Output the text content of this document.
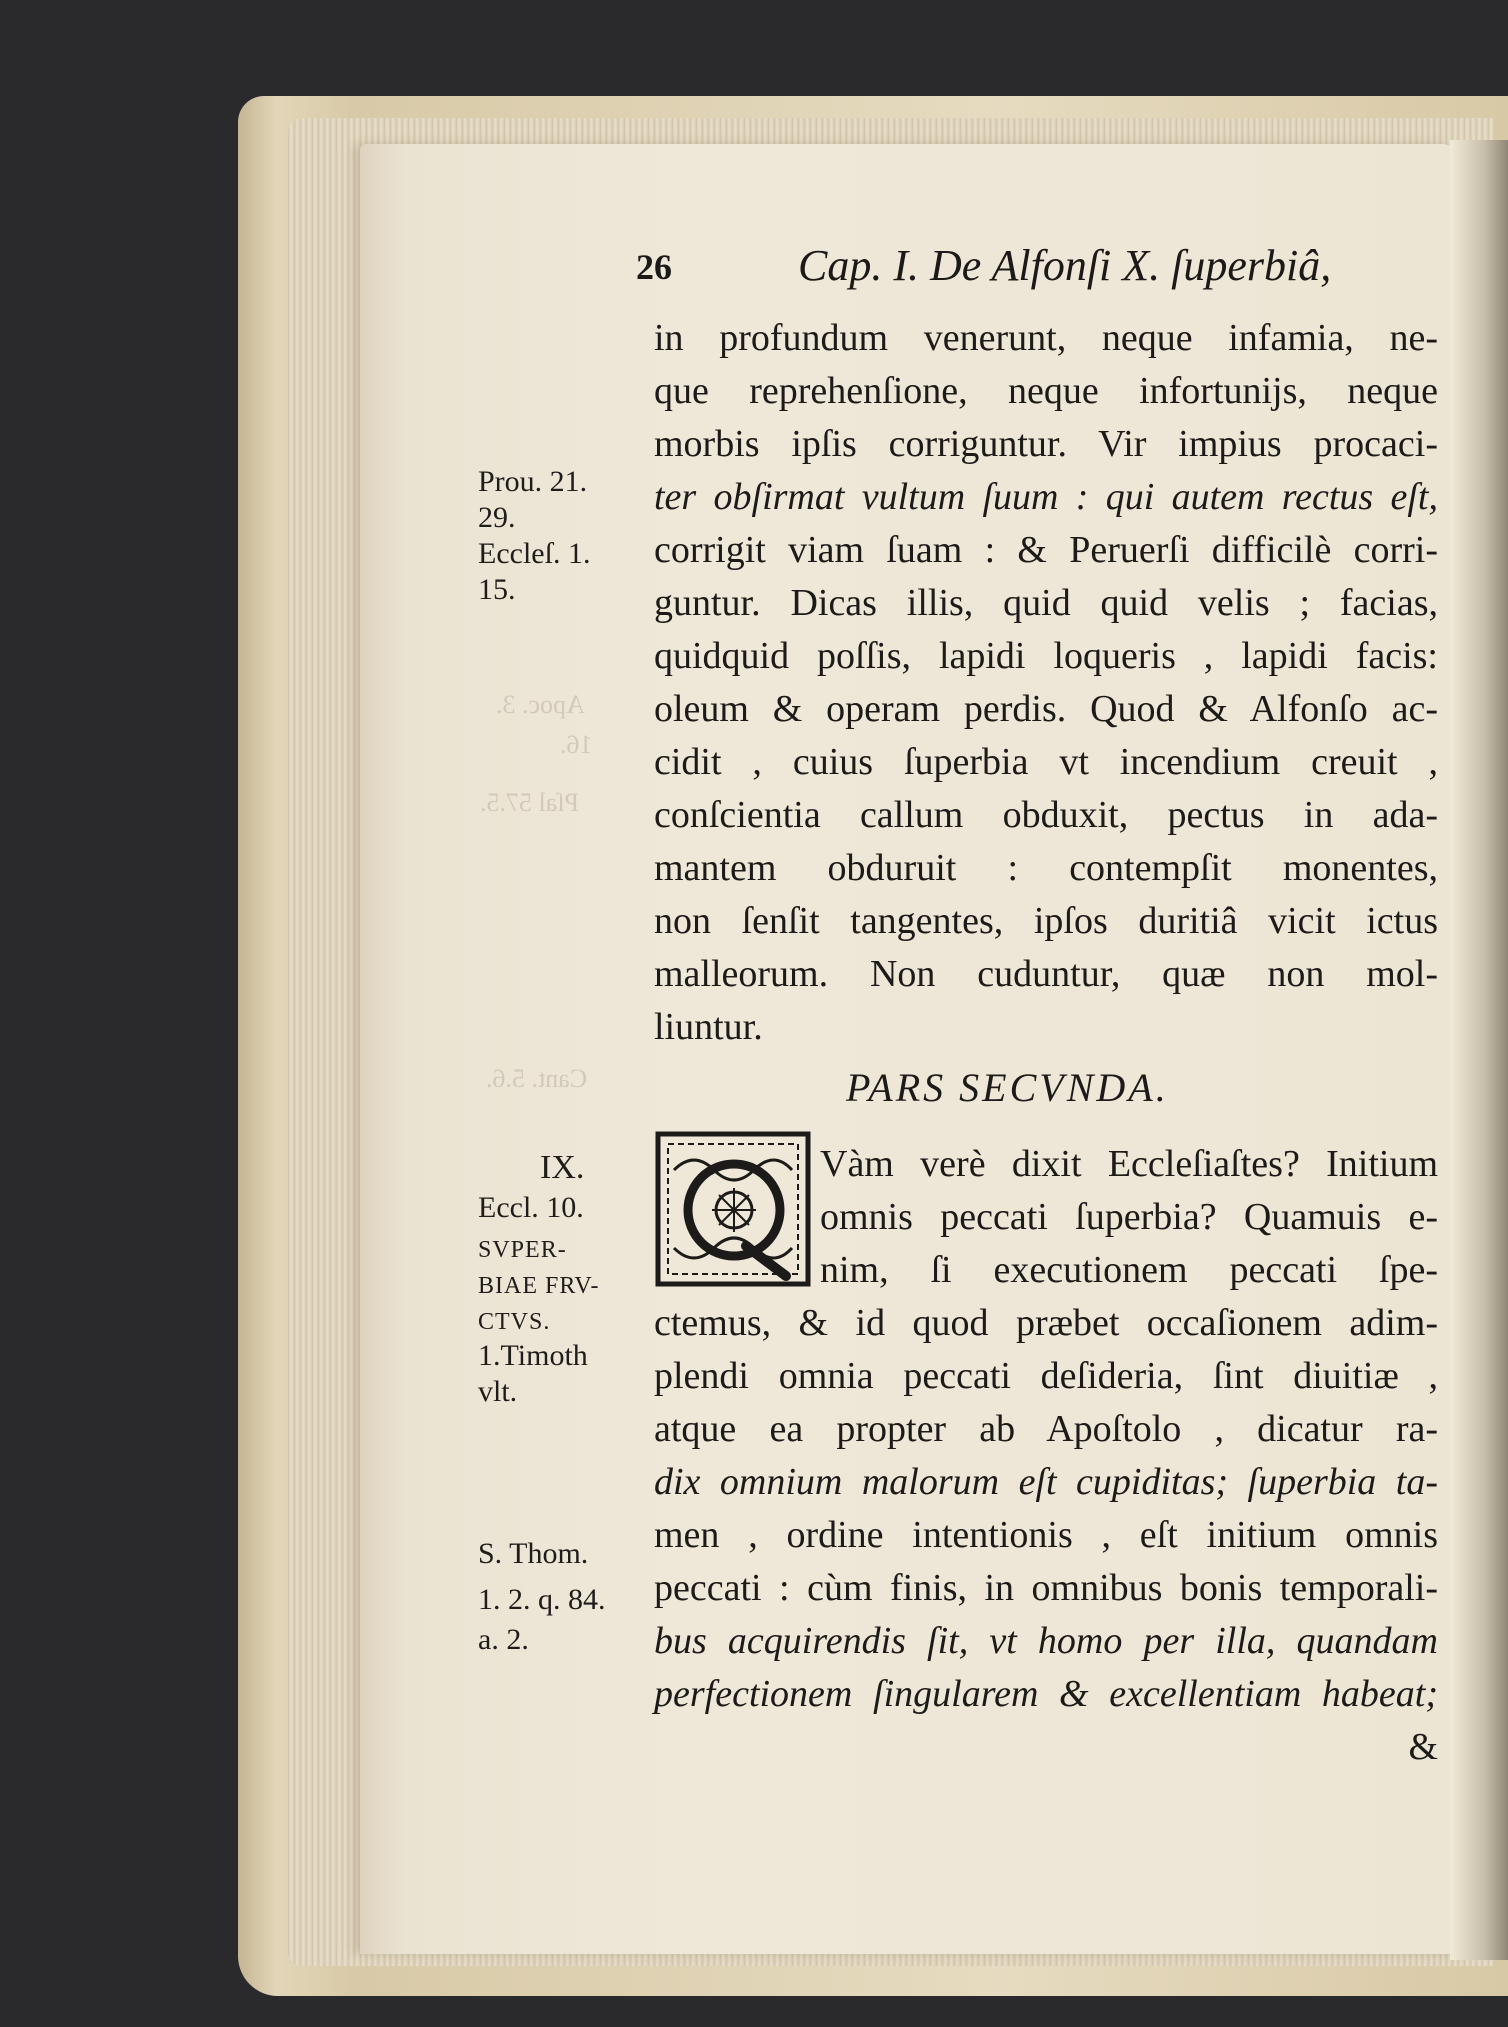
Apoc. 3.
16.
Pſal 57.5.
Cant. 5.6.
26	Cap. I. De Alfonſi X. ſuperbiâ,
in profundum venerunt, neque infamia, ne-
que reprehenſione, neque infortunijs, neque
morbis ipſis corriguntur. Vir impius procaci-
ter obſirmat vultum ſuum : qui autem rectus eſt,
corrigit viam ſuam : & Peruerſi difficilè corri-
guntur. Dicas illis, quid quid velis ; facias,
quidquid poſſis, lapidi loqueris , lapidi facis:
oleum & operam perdis. Quod & Alfonſo ac-
cidit , cuius ſuperbia vt incendium creuit ,
conſcientia callum obduxit, pectus in ada-
mantem obduruit : contempſit monentes,
non ſenſit tangentes, ipſos duritiâ vicit ictus
malleorum. Non cuduntur, quæ non mol-
liuntur.
PARS SECVNDA.
Vàm verè dixit Eccleſiaſtes? Initium
omnis peccati ſuperbia? Quamuis e-
nim, ſi executionem peccati ſpe-
ctemus, & id quod præbet occaſionem adim-
plendi omnia peccati deſideria, ſint diuitiæ ,
atque ea propter ab Apoſtolo , dicatur ra-
dix omnium malorum eſt cupiditas; ſuperbia ta-
men , ordine intentionis , eſt initium omnis
peccati : cùm finis, in omnibus bonis temporali-
bus acquirendis ſit, vt homo per illa, quandam
perfectionem ſingularem & excellentiam habeat;
&
Prou. 21.
29.
Eccleſ. 1.
15.
IX.
Eccl. 10.
SVPER-
BIAE FRV-
CTVS.
1.Timoth
vlt.
S. Thom.
1. 2. q. 84.
a. 2.
